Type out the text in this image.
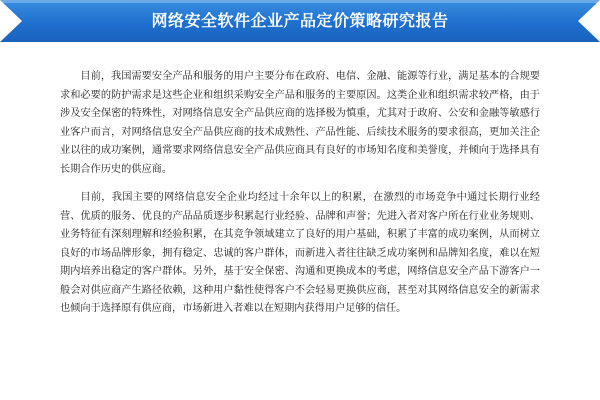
网络安全软件企业产品定价策略研究报告

目前，我国需要安全产品和服务的用户主要分布在政府、电信、金融、能源等行业，满足基本的合规要求和必要的防护需求是这些企业和组织采购安全产品和服务的主要原因。这类企业和组织需求较严格，由于涉及安全保密的特殊性，对网络信息安全产品供应商的选择极为慎重，尤其对于政府、公安和金融等敏感行业客户而言，对网络信息安全产品供应商的技术成熟性、产品性能、后续技术服务的要求很高，更加关注企业以往的成功案例，通常要求网络信息安全产品供应商具有良好的市场知名度和美誉度，并倾向于选择具有长期合作历史的供应商。

目前，我国主要的网络信息安全企业均经过十余年以上的积累，在激烈的市场竞争中通过长期行业经营、优质的服务、优良的产品品质逐步积累起行业经验、品牌和声誉；先进入者对客户所在行业业务规则、业务特征有深刻理解和经验积累，在其竞争领域建立了良好的用户基础，积累了丰富的成功案例，从而树立良好的市场品牌形象，拥有稳定、忠诚的客户群体，而新进入者往往缺乏成功案例和品牌知名度，难以在短期内培养出稳定的客户群体。另外，基于安全保密、沟通和更换成本的考虑，网络信息安全产品下游客户一般会对供应商产生路径依赖，这种用户黏性使得客户不会轻易更换供应商，甚至对其网络信息安全的新需求也倾向于选择原有供应商，市场新进入者难以在短期内获得用户足够的信任。
